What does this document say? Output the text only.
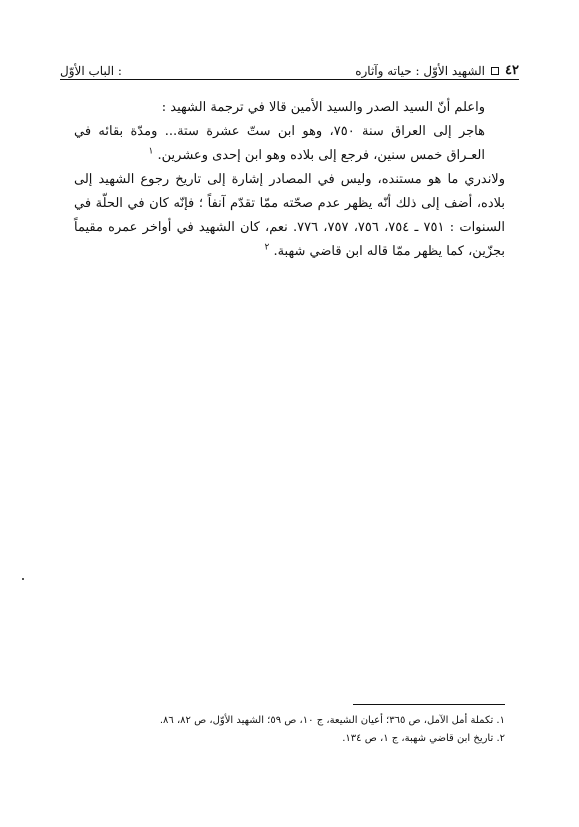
الباب الأوّل :	٤٢
الشهيد الأوّل : حياته وآثاره

واعلم أنّ السيد الصدر والسيد الأمين قالا في ترجمة الشهيد :

هاجر إلى العراق سنة ٧٥٠، وهو ابن ستّ عشرة ستة... ومدّة بقائه في العـراق خمس سنين، فرجع إلى بلاده وهو ابن إحدى وعشرين. $^١$

ولاندري ما هو مستنده، وليس في المصادر إشارة إلى تاريخ رجوع الشهيد إلى بلاده، أضف إلى ذلك أنّه يظهر عدم صحّته ممّا تقدّم آنفاً ؛ فإنّه كان في الحلّة في السنوات : ٧٥١ ـ ٧٥٤، ٧٥٦، ٧٥٧، ٧٧٦. نعم، كان الشهيد في أواخر عمره مقيماً بجزّين، كما يظهر ممّا قاله ابن قاضي شهبة. $^٢$

١. تكملة أمل الآمل، ص ٣٦٥؛ أعيان الشيعة، ج ١٠، ص ٥٩؛ الشهيد الأوّل، ص ٨٢، ٨٦.

٢. تاريخ ابن قاضي شهبة، ج ١، ص ١٣٤.
